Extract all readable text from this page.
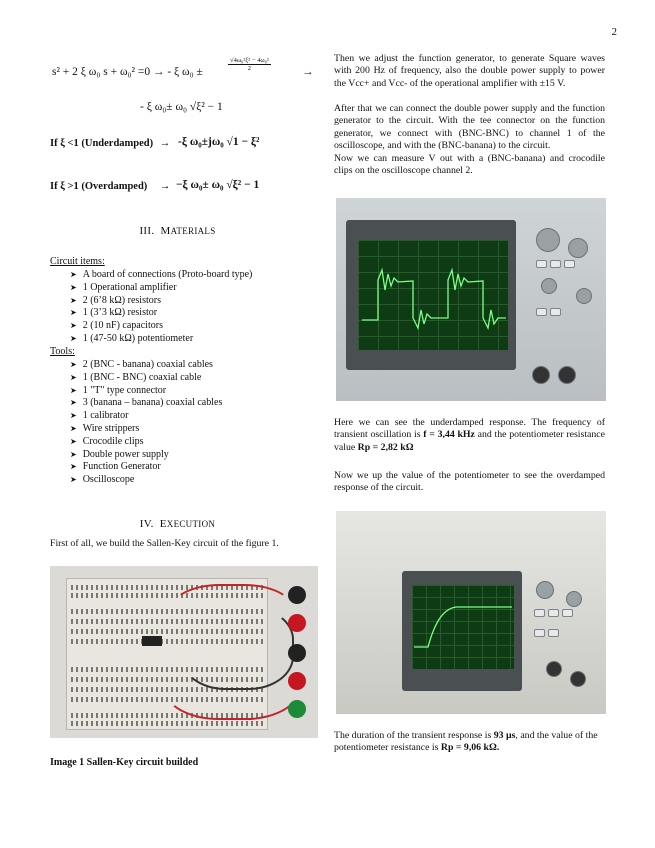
2
s² + 2 ξ ω₀ s + ω₀² =0 → - ξ ω₀ ±
√4ω₀²ξ² − 4ω₀²
2	→
- ξ ω₀± ω₀ √ξ² − 1
If ξ <1 (Underdamped) → -ξ ω₀±jω₀ √1 − ξ²
If ξ >1 (Overdamped) → −ξ ω₀± ω₀ √ξ² − 1
III. MATERIALS
Circuit items:
➤ A board of connections (Proto-board type)
➤ 1 Operational amplifier
➤ 2 (6’8 kΩ) resistors
➤ 1 (3’3 kΩ) resistor
➤ 2 (10 nF) capacitors
➤ 1 (47-50 kΩ) potentiometer
Tools:
➤ 2 (BNC - banana) coaxial cables
➤ 1 (BNC - BNC) coaxial cable
➤ 1 "T" type connector
➤ 3 (banana – banana) coaxial cables
➤ 1 calibrator
➤ Wire strippers
➤ Crocodile clips
➤ Double power supply
➤ Function Generator
➤ Oscilloscope
IV. EXECUTION
First of all, we build the Sallen-Key circuit of the figure 1.
Image 1 Sallen-Key circuit builded
Then we adjust the function generator, to generate Square waves with 200 Hz of frequency, also the double power supply to power the Vcc+ and Vcc- of the operational amplifier with ±15 V.
After that we can connect the double power supply and the function generator to the circuit. With the tee connector on the function generator, we connect with (BNC-BNC) to channel 1 of the oscilloscope, and with the (BNC-banana) to the circuit.
Now we can measure V out with a (BNC-banana) and crocodile clips on the oscilloscope channel 2.
Here we can see the underdamped response. The frequency of transient oscillation is f = 3,44 kHz and the potentiometer resistance value Rp = 2,82 kΩ
Now we up the value of the potentiometer to see the overdamped response of the circuit.
The duration of the transient response is 93 µs, and the value of the potentiometer resistance is Rp = 9,06 kΩ.
